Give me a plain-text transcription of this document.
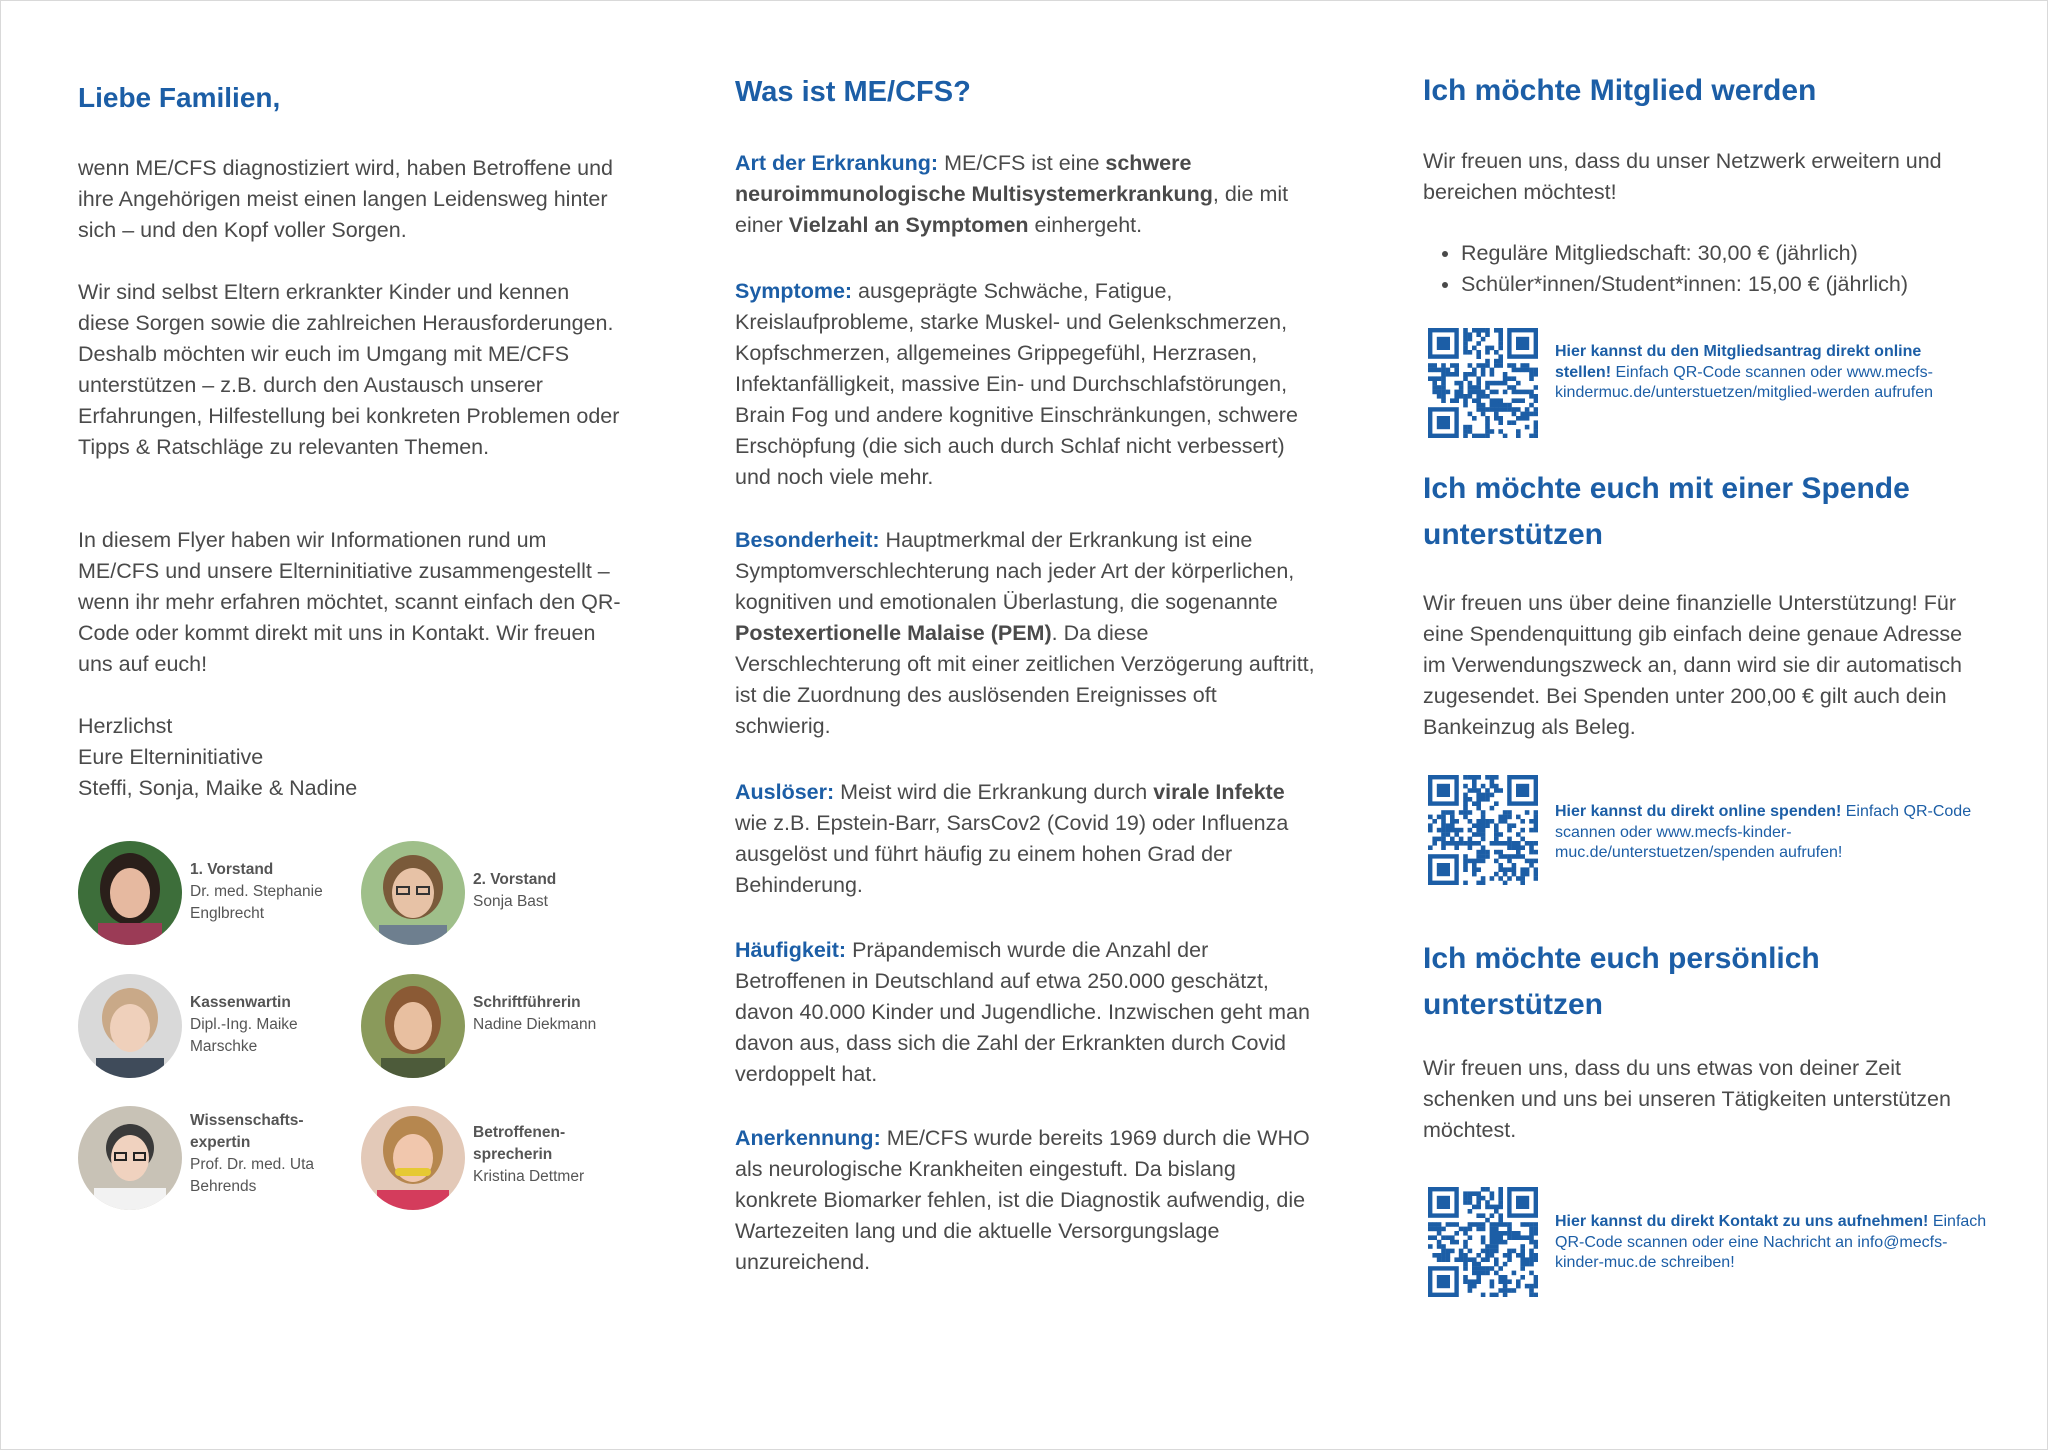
Liebe Familien,

wenn ME/CFS diagnostiziert wird, haben Betroffene und ihre Angehörigen meist einen langen Leidensweg hinter sich – und den Kopf voller Sorgen.

Wir sind selbst Eltern erkrankter Kinder und kennen diese Sorgen sowie die zahlreichen Herausforderungen. Deshalb möchten wir euch im Umgang mit ME/CFS unterstützen – z.B. durch den Austausch unserer Erfahrungen, Hilfestellung bei konkreten Problemen oder Tipps & Ratschläge zu relevanten Themen.

In diesem Flyer haben wir Informationen rund um ME/CFS und unsere Elterninitiative zusammengestellt – wenn ihr mehr erfahren möchtet, scannt einfach den QR-Code oder kommt direkt mit uns in Kontakt. Wir freuen uns auf euch!

Herzlichst

Eure Elterninitiative

Steffi, Sonja, Maike & Nadine

1. Vorstand
Dr. med. Stephanie Englbrecht
2. Vorstand
Sonja Bast
Kassenwartin
Dipl.-Ing. Maike Marschke
Schriftführerin
Nadine Diekmann
Wissenschafts-expertin
Prof. Dr. med. Uta Behrends
Betroffenen-sprecherin
Kristina Dettmer
Was ist ME/CFS?

Art der Erkrankung: ME/CFS ist eine schwere neuroimmunologische Multisystemerkrankung, die mit einer Vielzahl an Symptomen einhergeht.

Symptome: ausgeprägte Schwäche, Fatigue, Kreislaufprobleme, starke Muskel- und Gelenkschmerzen, Kopfschmerzen, allgemeines Grippegefühl, Herzrasen, Infektanfälligkeit, massive Ein- und Durchschlafstörungen, Brain Fog und andere kognitive Einschränkungen, schwere Erschöpfung (die sich auch durch Schlaf nicht verbessert) und noch viele mehr.

Besonderheit: Hauptmerkmal der Erkrankung ist eine Symptomverschlechterung nach jeder Art der körperlichen, kognitiven und emotionalen Überlastung, die sogenannte Postexertionelle Malaise (PEM). Da diese Verschlechterung oft mit einer zeitlichen Verzögerung auftritt, ist die Zuordnung des auslösenden Ereignisses oft schwierig.

Auslöser: Meist wird die Erkrankung durch virale Infekte wie z.B. Epstein-Barr, SarsCov2 (Covid 19) oder Influenza ausgelöst und führt häufig zu einem hohen Grad der Behinderung.

Häufigkeit: Präpandemisch wurde die Anzahl der Betroffenen in Deutschland auf etwa 250.000 geschätzt, davon 40.000 Kinder und Jugendliche. Inzwischen geht man davon aus, dass sich die Zahl der Erkrankten durch Covid verdoppelt hat.

Anerkennung: ME/CFS wurde bereits 1969 durch die WHO als neurologische Krankheiten eingestuft. Da bislang konkrete Biomarker fehlen, ist die Diagnostik aufwendig, die Wartezeiten lang und die aktuelle Versorgungslage unzureichend.

Ich möchte Mitglied werden

Wir freuen uns, dass du unser Netzwerk erweitern und bereichen möchtest!

• Reguläre Mitgliedschaft: 30,00 € (jährlich)
• Schüler*innen/Student*innen: 15,00 € (jährlich)
Hier kannst du den Mitgliedsantrag direkt online stellen! Einfach QR-Code scannen oder www.mecfs-kindermuc.de/unterstuetzen/mitglied-werden aufrufen
Ich möchte euch mit einer Spende unterstützen

Wir freuen uns über deine finanzielle Unterstützung! Für eine Spendenquittung gib einfach deine genaue Adresse im Verwendungszweck an, dann wird sie dir automatisch zugesendet. Bei Spenden unter 200,00 € gilt auch dein Bankeinzug als Beleg.

Hier kannst du direkt online spenden! Einfach QR-Code scannen oder www.mecfs-kinder-muc.de/unterstuetzen/spenden aufrufen!
Ich möchte euch persönlich unterstützen

Wir freuen uns, dass du uns etwas von deiner Zeit schenken und uns bei unseren Tätigkeiten unterstützen möchtest.

Hier kannst du direkt Kontakt zu uns aufnehmen! Einfach QR-Code scannen oder eine Nachricht an info@mecfs-kinder-muc.de schreiben!
